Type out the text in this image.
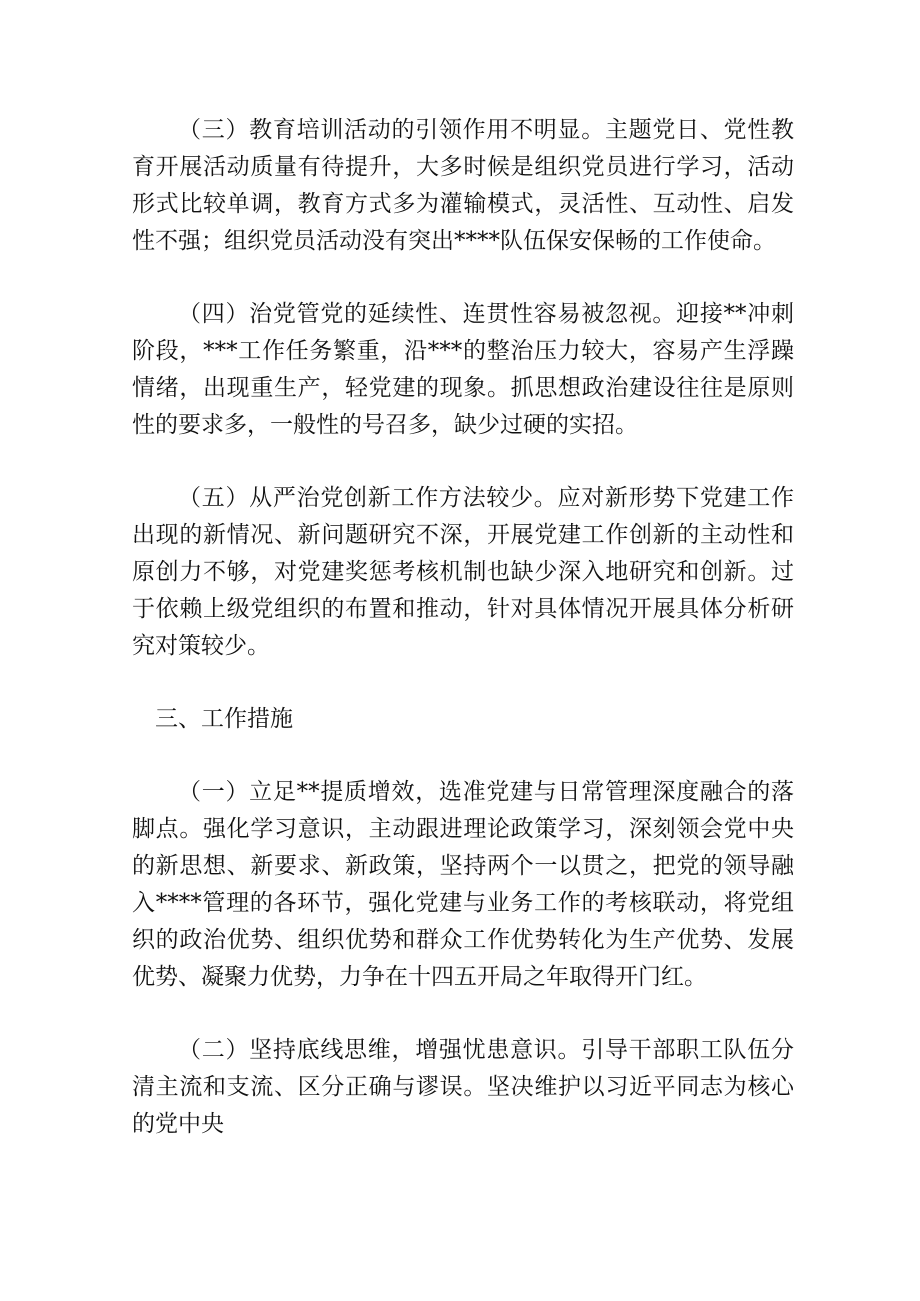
（三）教育培训活动的引领作用不明显。主题党日、党性教育开展活动质量有待提升，大多时候是组织党员进行学习，活动形式比较单调，教育方式多为灌输模式，灵活性、互动性、启发性不强；组织党员活动没有突出****队伍保安保畅的工作使命。

（四）治党管党的延续性、连贯性容易被忽视。迎接**冲刺阶段，***工作任务繁重，沿***的整治压力较大，容易产生浮躁情绪，出现重生产，轻党建的现象。抓思想政治建设往往是原则性的要求多，一般性的号召多，缺少过硬的实招。

（五）从严治党创新工作方法较少。应对新形势下党建工作出现的新情况、新问题研究不深，开展党建工作创新的主动性和原创力不够，对党建奖惩考核机制也缺少深入地研究和创新。过于依赖上级党组织的布置和推动，针对具体情况开展具体分析研究对策较少。

三、工作措施

（一）立足**提质增效，选准党建与日常管理深度融合的落脚点。强化学习意识，主动跟进理论政策学习，深刻领会党中央的新思想、新要求、新政策，坚持两个一以贯之，把党的领导融入****管理的各环节，强化党建与业务工作的考核联动，将党组织的政治优势、组织优势和群众工作优势转化为生产优势、发展优势、凝聚力优势，力争在十四五开局之年取得开门红。

（二）坚持底线思维，增强忧患意识。引导干部职工队伍分清主流和支流、区分正确与谬误。坚决维护以习近平同志为核心的党中央
